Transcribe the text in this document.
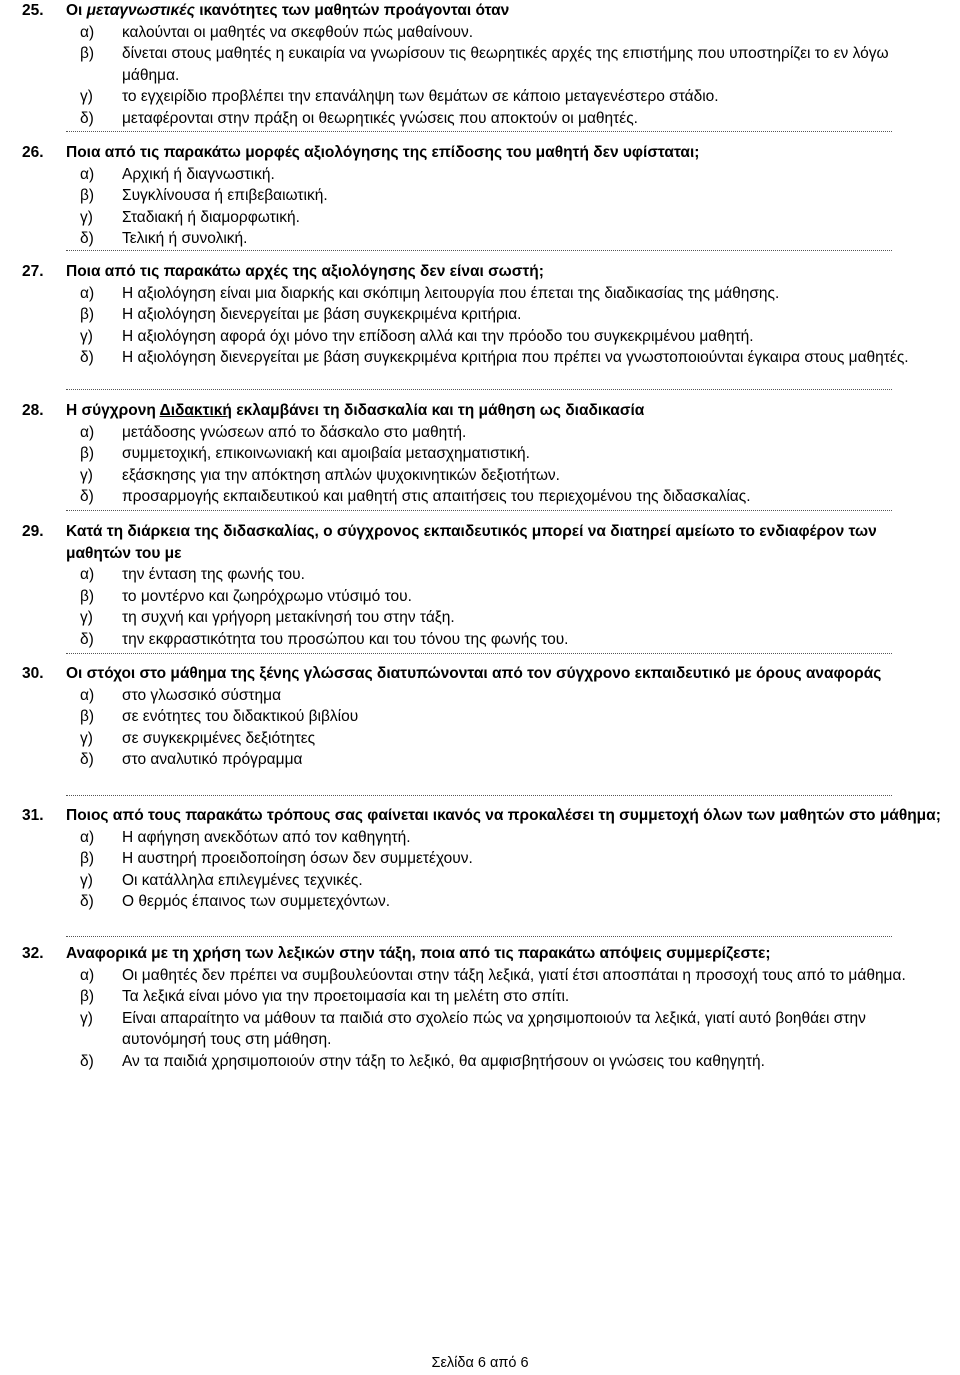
25. Οι μεταγνωστικές ικανότητες των μαθητών προάγονται όταν
α) καλούνται οι μαθητές να σκεφθούν πώς μαθαίνουν.
β) δίνεται στους μαθητές η ευκαιρία να γνωρίσουν τις θεωρητικές αρχές της επιστήμης που υποστηρίζει το εν λόγω μάθημα.
γ) το εγχειρίδιο προβλέπει την επανάληψη των θεμάτων σε κάποιο μεταγενέστερο στάδιο.
δ) μεταφέρονται στην πράξη οι θεωρητικές γνώσεις που αποκτούν οι μαθητές.
26. Ποια από τις παρακάτω μορφές αξιολόγησης της επίδοσης του μαθητή δεν υφίσταται;
α) Αρχική ή διαγνωστική.
β) Συγκλίνουσα ή επιβεβαιωτική.
γ) Σταδιακή ή διαμορφωτική.
δ) Τελική ή συνολική.
27. Ποια από τις παρακάτω αρχές της αξιολόγησης δεν είναι σωστή;
α) Η αξιολόγηση είναι μια διαρκής και σκόπιμη λειτουργία που έπεται της διαδικασίας της μάθησης.
β) Η αξιολόγηση διενεργείται με βάση συγκεκριμένα κριτήρια.
γ) Η αξιολόγηση αφορά όχι μόνο την επίδοση αλλά και την πρόοδο του συγκεκριμένου μαθητή.
δ) Η αξιολόγηση διενεργείται με βάση συγκεκριμένα κριτήρια που πρέπει να γνωστοποιούνται έγκαιρα στους μαθητές.
28. Η σύγχρονη Διδακτική εκλαμβάνει τη διδασκαλία και τη μάθηση ως διαδικασία
α) μετάδοσης γνώσεων από το δάσκαλο στο μαθητή.
β) συμμετοχική, επικοινωνιακή και αμοιβαία μετασχηματιστική.
γ) εξάσκησης για την απόκτηση απλών ψυχοκινητικών δεξιοτήτων.
δ) προσαρμογής εκπαιδευτικού και μαθητή στις απαιτήσεις του περιεχομένου της διδασκαλίας.
29. Κατά τη διάρκεια της διδασκαλίας, ο σύγχρονος εκπαιδευτικός μπορεί να διατηρεί αμείωτο το ενδιαφέρον των μαθητών του με
α) την ένταση της φωνής του.
β) το μοντέρνο και ζωηρόχρωμο ντύσιμό του.
γ) τη συχνή και γρήγορη μετακίνησή του στην τάξη.
δ) την εκφραστικότητα του προσώπου και του τόνου της φωνής του.
30. Οι στόχοι στο μάθημα της ξένης γλώσσας διατυπώνονται από τον σύγχρονο εκπαιδευτικό με όρους αναφοράς
α) στο γλωσσικό σύστημα
β) σε ενότητες του διδακτικού βιβλίου
γ) σε συγκεκριμένες δεξιότητες
δ) στο αναλυτικό πρόγραμμα
31. Ποιος από τους παρακάτω τρόπους σας φαίνεται ικανός να προκαλέσει τη συμμετοχή όλων των μαθητών στο μάθημα;
α) Η αφήγηση ανεκδότων από τον καθηγητή.
β) Η αυστηρή προειδοποίηση όσων δεν συμμετέχουν.
γ) Οι κατάλληλα επιλεγμένες τεχνικές.
δ) Ο θερμός έπαινος των συμμετεχόντων.
32. Αναφορικά με τη χρήση των λεξικών στην τάξη, ποια από τις παρακάτω απόψεις συμμερίζεστε;
α) Οι μαθητές δεν πρέπει να συμβουλεύονται στην τάξη λεξικά, γιατί έτσι αποσπάται η προσοχή τους από το μάθημα.
β) Τα λεξικά είναι μόνο για την προετοιμασία και τη μελέτη στο σπίτι.
γ) Είναι απαραίτητο να μάθουν τα παιδιά στο σχολείο πώς να χρησιμοποιούν τα λεξικά, γιατί αυτό βοηθάει στην αυτονόμησή τους στη μάθηση.
δ) Αν τα παιδιά χρησιμοποιούν στην τάξη το λεξικό, θα αμφισβητήσουν οι γνώσεις του καθηγητή.
Σελίδα 6 από 6
